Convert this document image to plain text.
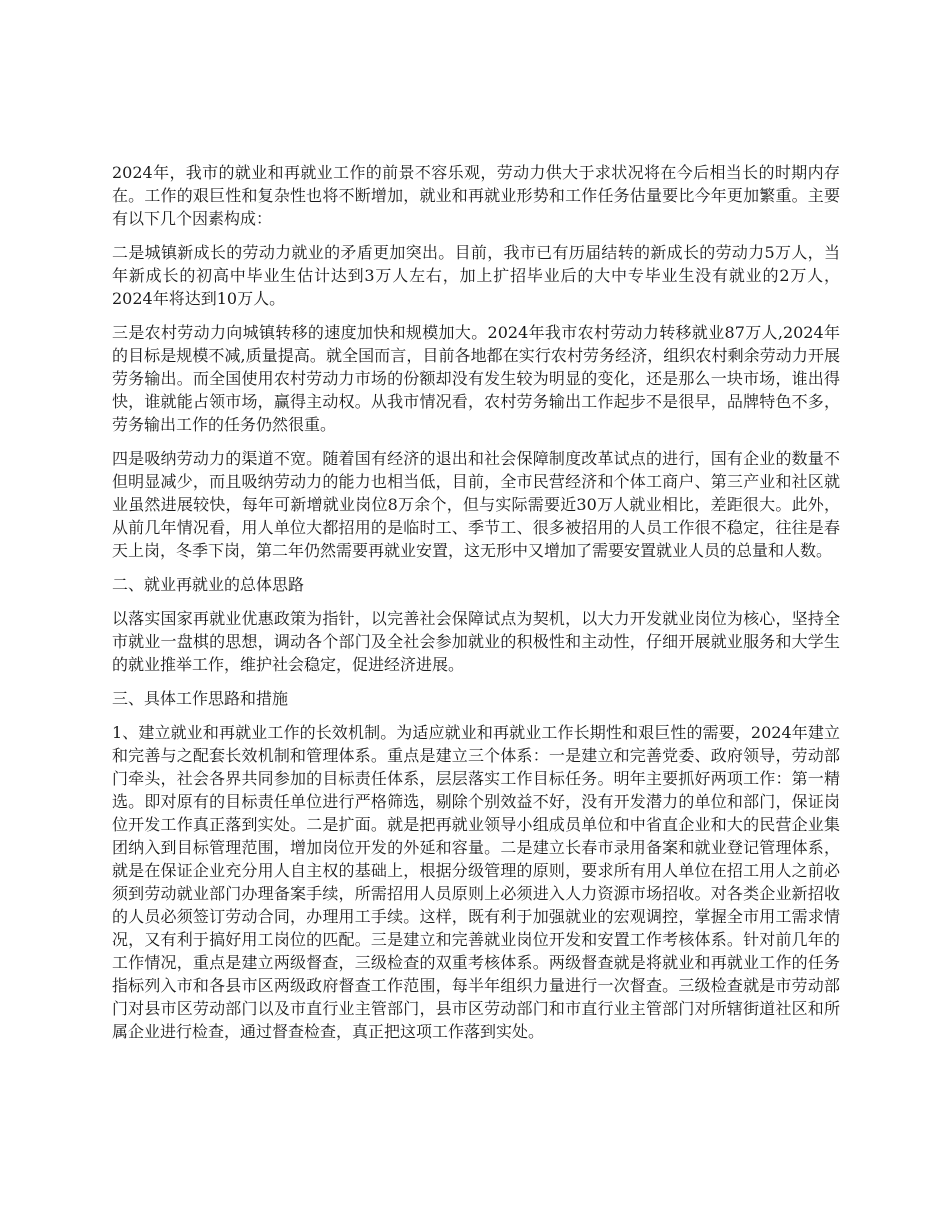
2024年，我市的就业和再就业工作的前景不容乐观，劳动力供大于求状况将在今后相当长的时期内存在。工作的艰巨性和复杂性也将不断增加，就业和再就业形势和工作任务估量要比今年更加繁重。主要有以下几个因素构成：

二是城镇新成长的劳动力就业的矛盾更加突出。目前，我市已有历届结转的新成长的劳动力5万人，当年新成长的初高中毕业生估计达到3万人左右，加上扩招毕业后的大中专毕业生没有就业的2万人，2024年将达到10万人。

三是农村劳动力向城镇转移的速度加快和规模加大。2024年我市农村劳动力转移就业87万人,2024年的目标是规模不减,质量提高。就全国而言，目前各地都在实行农村劳务经济，组织农村剩余劳动力开展劳务输出。而全国使用农村劳动力市场的份额却没有发生较为明显的变化，还是那么一块市场，谁出得快，谁就能占领市场，赢得主动权。从我市情况看，农村劳务输出工作起步不是很早，品牌特色不多，劳务输出工作的任务仍然很重。

四是吸纳劳动力的渠道不宽。随着国有经济的退出和社会保障制度改革试点的进行，国有企业的数量不但明显减少，而且吸纳劳动力的能力也相当低，目前，全市民营经济和个体工商户、第三产业和社区就业虽然进展较快，每年可新增就业岗位8万余个，但与实际需要近30万人就业相比，差距很大。此外，从前几年情况看，用人单位大都招用的是临时工、季节工、很多被招用的人员工作很不稳定，往往是春天上岗，冬季下岗，第二年仍然需要再就业安置，这无形中又增加了需要安置就业人员的总量和人数。

二、就业再就业的总体思路

以落实国家再就业优惠政策为指针，以完善社会保障试点为契机，以大力开发就业岗位为核心，坚持全市就业一盘棋的思想，调动各个部门及全社会参加就业的积极性和主动性，仔细开展就业服务和大学生的就业推举工作，维护社会稳定，促进经济进展。

三、具体工作思路和措施

1、建立就业和再就业工作的长效机制。为适应就业和再就业工作长期性和艰巨性的需要，2024年建立和完善与之配套长效机制和管理体系。重点是建立三个体系：一是建立和完善党委、政府领导，劳动部门牵头，社会各界共同参加的目标责任体系，层层落实工作目标任务。明年主要抓好两项工作：第一精选。即对原有的目标责任单位进行严格筛选，剔除个别效益不好，没有开发潜力的单位和部门，保证岗位开发工作真正落到实处。二是扩面。就是把再就业领导小组成员单位和中省直企业和大的民营企业集团纳入到目标管理范围，增加岗位开发的外延和容量。二是建立长春市录用备案和就业登记管理体系，就是在保证企业充分用人自主权的基础上，根据分级管理的原则，要求所有用人单位在招工用人之前必须到劳动就业部门办理备案手续，所需招用人员原则上必须进入人力资源市场招收。对各类企业新招收的人员必须签订劳动合同，办理用工手续。这样，既有利于加强就业的宏观调控，掌握全市用工需求情况，又有利于搞好用工岗位的匹配。三是建立和完善就业岗位开发和安置工作考核体系。针对前几年的工作情况，重点是建立两级督查，三级检查的双重考核体系。两级督查就是将就业和再就业工作的任务指标列入市和各县市区两级政府督查工作范围，每半年组织力量进行一次督查。三级检查就是市劳动部门对县市区劳动部门以及市直行业主管部门，县市区劳动部门和市直行业主管部门对所辖街道社区和所属企业进行检查，通过督查检查，真正把这项工作落到实处。
